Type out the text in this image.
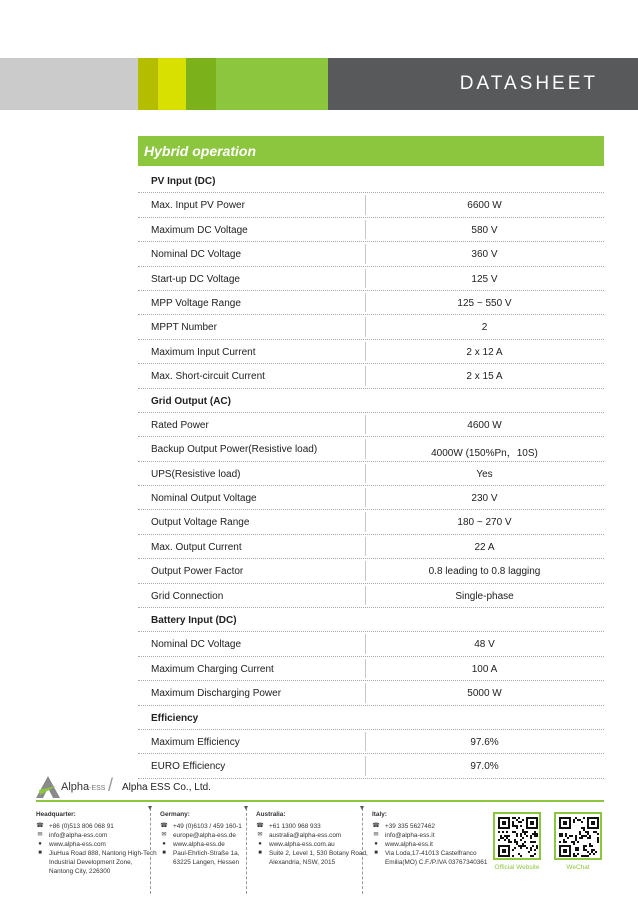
DATASHEET
Hybrid operation
PV Input (DC)
Max. Input PV Power	6600 W
Maximum DC Voltage	580 V
Nominal DC Voltage	360 V
Start-up DC Voltage	125 V
MPP Voltage Range	125 ~ 550 V
MPPT Number	2
Maximum Input Current	2 x 12 A
Max. Short-circuit Current	2 x 15 A
Grid Output (AC)
Rated Power	4600 W
Backup Output Power(Resistive load)	4000W (150%Pn，10S)
UPS(Resistive load)	Yes
Nominal Output Voltage	230 V
Output Voltage Range	180 ~ 270 V
Max. Output Current	22 A
Output Power Factor	0.8 leading to 0.8 lagging
Grid Connection	Single-phase
Battery Input (DC)
Nominal DC Voltage	48 V
Maximum Charging Current	100 A
Maximum Discharging Power	5000 W
Efficiency
Maximum Efficiency	97.6%
EURO Efficiency	97.0%
Alpha-ESS / Alpha ESS Co., Ltd.
Headquarter:
☎ +86 (0)513 806 068 91
✉ info@alpha-ess.com
●	www.alpha-ess.com
■	JiuHua Road 888, Nantong High-Tech
Industrial Development Zone,
Nantong City, 226300
Germany:
☎ +49 (0)6103 / 459 160-1
✉ europe@alpha-ess.de
●	www.alpha-ess.de
■	Paul-Ehrlich-Straße 1a,
63225 Langen, Hessen
Australia:
☎ +61 1300 968 933
✉ australia@alpha-ess.com
●	www.alpha-ess.com.au
■	Suite 2, Level 1, 530 Botany Road,
Alexandria, NSW, 2015
Italy:
☎ +39 335 5627462
✉ info@alpha-ess.it
●	www.alpha-ess.it
■	Via Loda,17-41013 Castelfranco
Emilia(MO) C.F./P.IVA 03767340361
Official Website	WeChat
